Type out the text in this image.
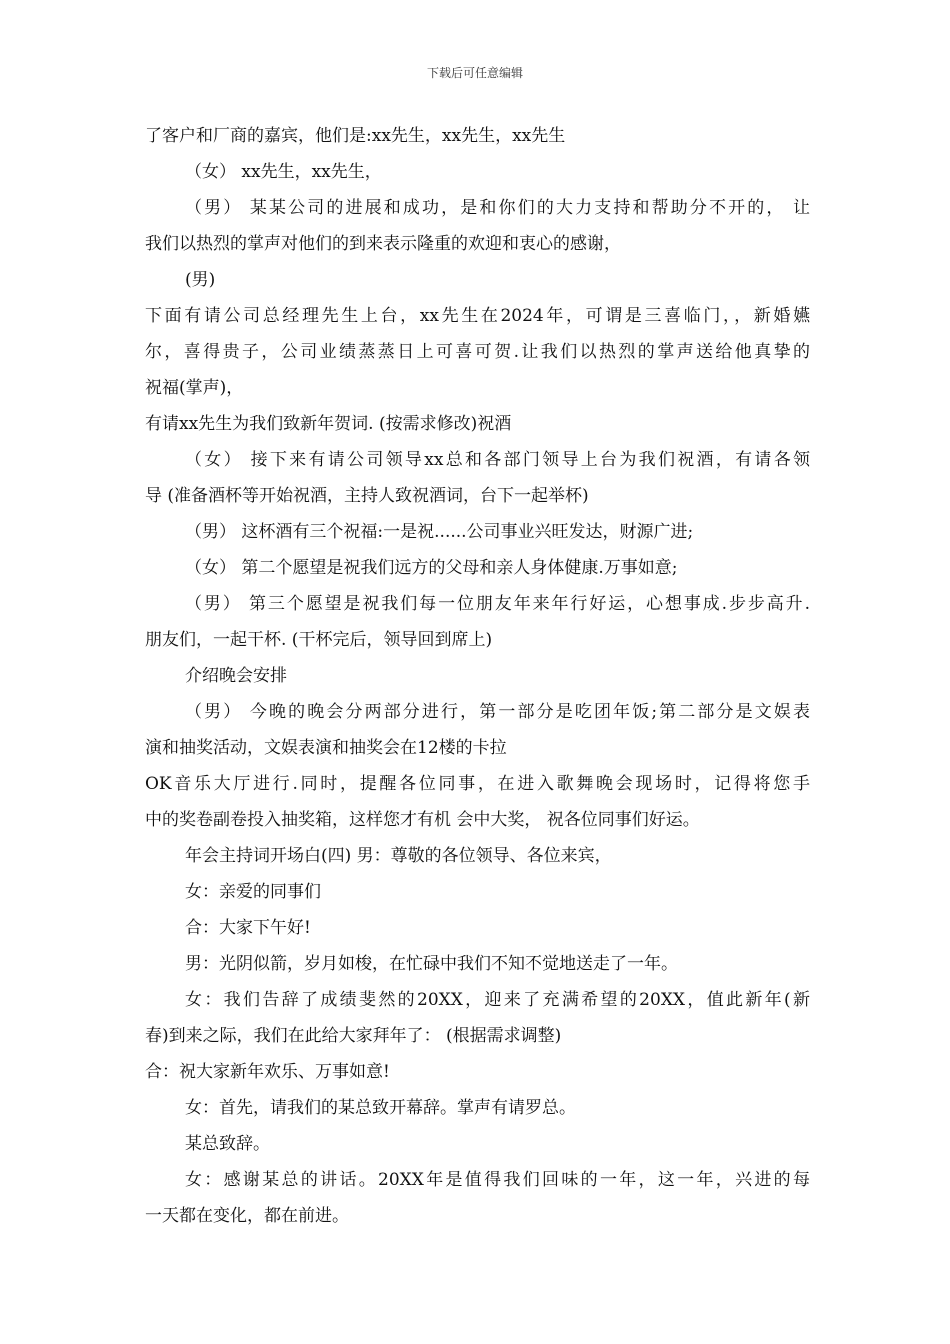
下载后可任意编辑
了客户和厂商的嘉宾，他们是:xx先生，xx先生，xx先生
（女） xx先生，xx先生，
（男） 某某公司的进展和成功，是和你们的大力支持和帮助分不开的， 让
我们以热烈的掌声对他们的到来表示隆重的欢迎和衷心的感谢，
(男)
下面有请公司总经理先生上台，xx先生在2024年，可谓是三喜临门，，新婚嬿
尔，喜得贵子，公司业绩蒸蒸日上可喜可贺.让我们以热烈的掌声送给他真挚的
祝福(掌声)，
有请xx先生为我们致新年贺词. (按需求修改)祝酒
（女） 接下来有请公司领导xx总和各部门领导上台为我们祝酒，有请各领
导 (准备酒杯等开始祝酒，主持人致祝酒词，台下一起举杯)
（男） 这杯酒有三个祝福:一是祝......公司事业兴旺发达，财源广进;
（女） 第二个愿望是祝我们远方的父母和亲人身体健康.万事如意;
（男） 第三个愿望是祝我们每一位朋友年来年行好运，心想事成.步步高升.
朋友们，一起干杯. (干杯完后，领导回到席上)
介绍晚会安排
（男） 今晚的晚会分两部分进行，第一部分是吃团年饭;第二部分是文娱表
演和抽奖活动，文娱表演和抽奖会在12楼的卡拉
OK音乐大厅进行.同时，提醒各位同事，在进入歌舞晚会现场时，记得将您手
中的奖卷副卷投入抽奖箱，这样您才有机 会中大奖， 祝各位同事们好运。
年会主持词开场白(四) 男：尊敬的各位领导、各位来宾，
女：亲爱的同事们
合：大家下午好!
男：光阴似箭，岁月如梭，在忙碌中我们不知不觉地送走了一年。
女：我们告辞了成绩斐然的20XX，迎来了充满希望的20XX，值此新年(新
春)到来之际，我们在此给大家拜年了： (根据需求调整)
合：祝大家新年欢乐、万事如意!
女：首先，请我们的某总致开幕辞。掌声有请罗总。
某总致辞。
女：感谢某总的讲话。20XX年是值得我们回味的一年，这一年，兴进的每
一天都在变化，都在前进。
